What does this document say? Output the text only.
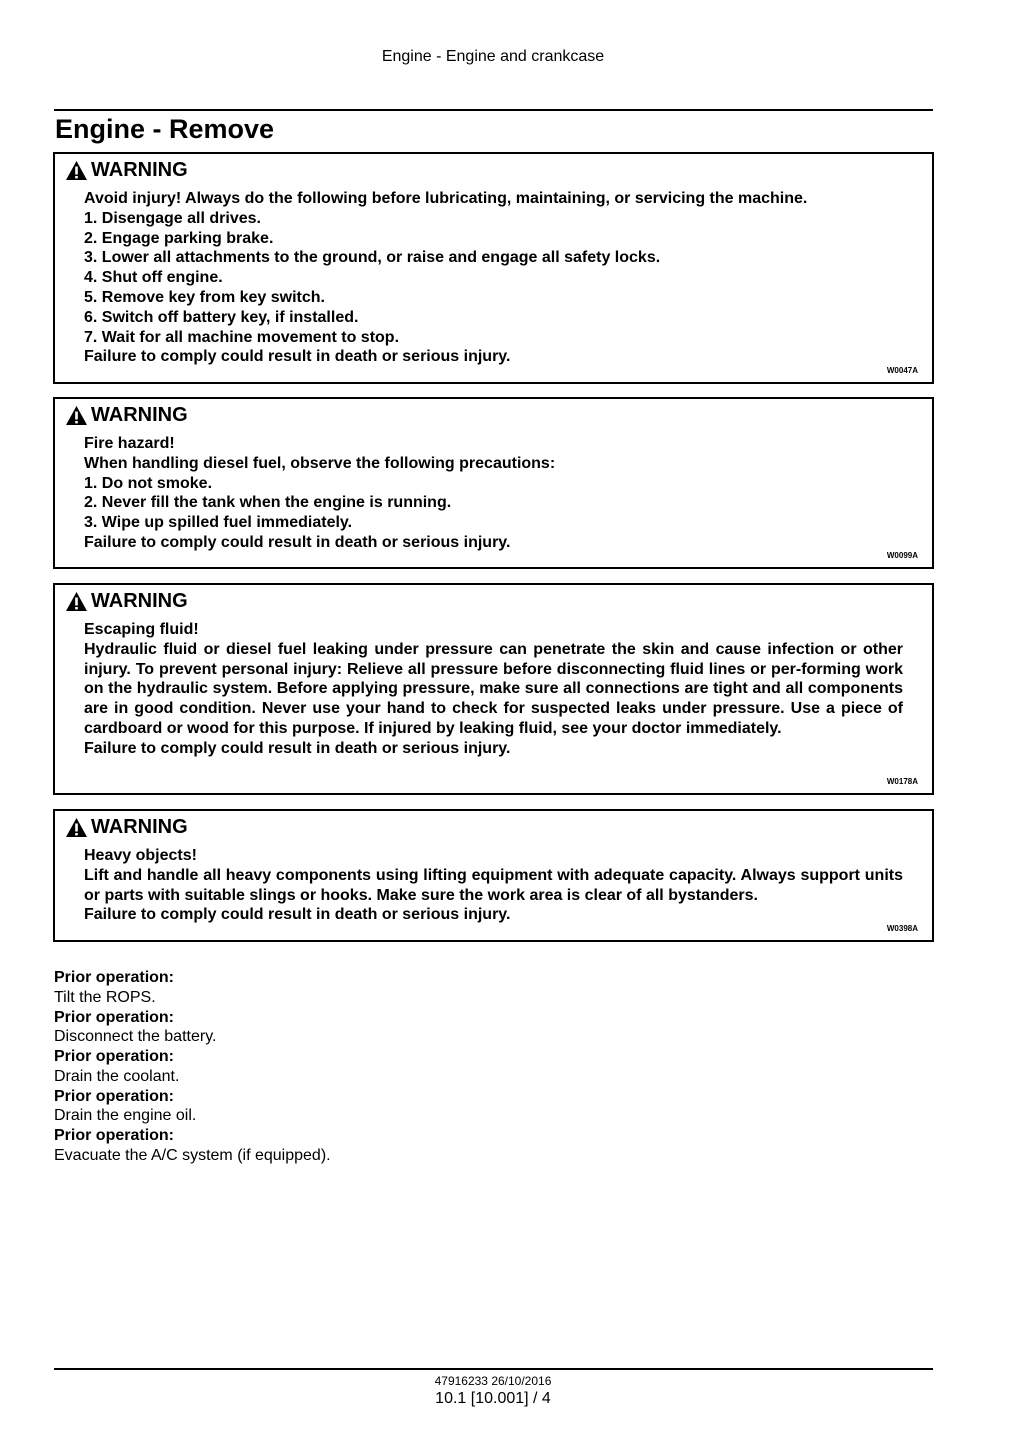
Engine - Engine and crankcase
Engine - Remove
WARNING
Avoid injury! Always do the following before lubricating, maintaining, or servicing the machine.
1. Disengage all drives.
2. Engage parking brake.
3. Lower all attachments to the ground, or raise and engage all safety locks.
4. Shut off engine.
5. Remove key from key switch.
6. Switch off battery key, if installed.
7. Wait for all machine movement to stop.
Failure to comply could result in death or serious injury.
W0047A
WARNING
Fire hazard!
When handling diesel fuel, observe the following precautions:
1. Do not smoke.
2. Never fill the tank when the engine is running.
3. Wipe up spilled fuel immediately.
Failure to comply could result in death or serious injury.
W0099A
WARNING
Escaping fluid!
Hydraulic fluid or diesel fuel leaking under pressure can penetrate the skin and cause infection or other injury. To prevent personal injury: Relieve all pressure before disconnecting fluid lines or per-forming work on the hydraulic system. Before applying pressure, make sure all connections are tight and all components are in good condition. Never use your hand to check for suspected leaks under pressure. Use a piece of cardboard or wood for this purpose. If injured by leaking fluid, see your doctor immediately.
Failure to comply could result in death or serious injury.
W0178A
WARNING
Heavy objects!
Lift and handle all heavy components using lifting equipment with adequate capacity. Always support units or parts with suitable slings or hooks. Make sure the work area is clear of all bystanders.
Failure to comply could result in death or serious injury.
W0398A
Prior operation:
Tilt the ROPS.
Prior operation:
Disconnect the battery.
Prior operation:
Drain the coolant.
Prior operation:
Drain the engine oil.
Prior operation:
Evacuate the A/C system (if equipped).
47916233 26/10/2016
10.1 [10.001] / 4
